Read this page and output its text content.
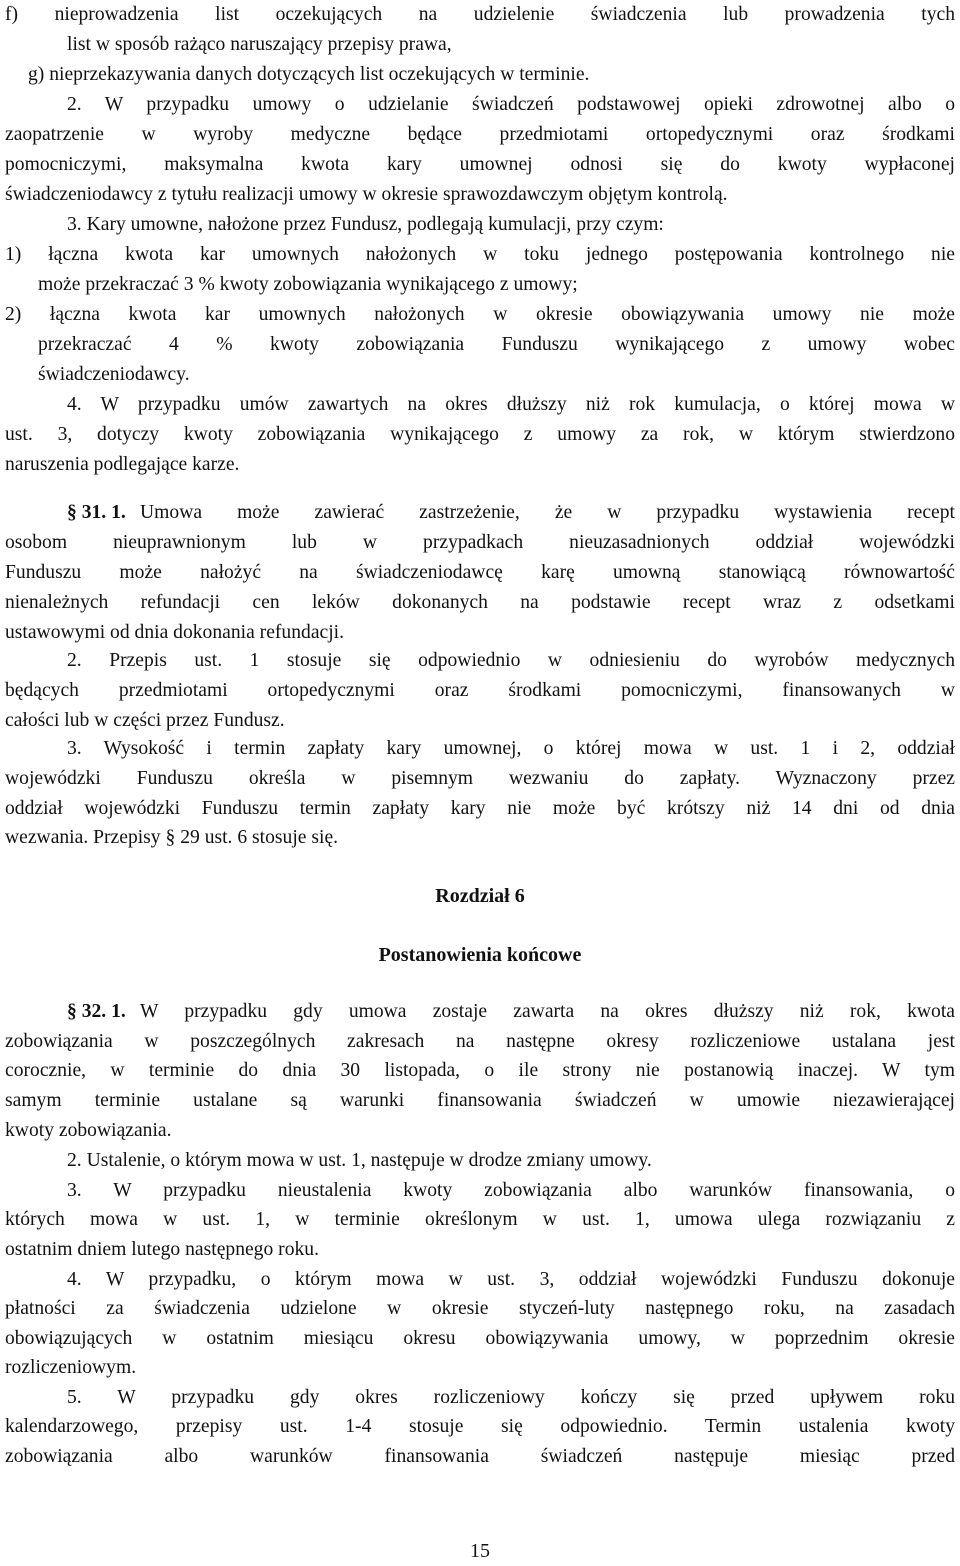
f) nieprowadzenia list oczekujących na udzielenie świadczenia lub prowadzenia tych
list w sposób rażąco naruszający przepisy prawa,
g) nieprzekazywania danych dotyczących list oczekujących w terminie.
2. W przypadku umowy o udzielanie świadczeń podstawowej opieki zdrowotnej albo o
zaopatrzenie w wyroby medyczne będące przedmiotami ortopedycznymi oraz środkami
pomocniczymi, maksymalna kwota kary umownej odnosi się do kwoty wypłaconej
świadczeniodawcy z tytułu realizacji umowy w okresie sprawozdawczym objętym kontrolą.
3. Kary umowne, nałożone przez Fundusz, podlegają kumulacji, przy czym:
1) łączna kwota kar umownych nałożonych w toku jednego postępowania kontrolnego nie
może przekraczać 3 % kwoty zobowiązania wynikającego z umowy;
2) łączna kwota kar umownych nałożonych w okresie obowiązywania umowy nie może
przekraczać 4 % kwoty zobowiązania Funduszu wynikającego z umowy wobec
świadczeniodawcy.
4. W przypadku umów zawartych na okres dłuższy niż rok kumulacja, o której mowa w
ust. 3, dotyczy kwoty zobowiązania wynikającego z umowy za rok, w którym stwierdzono
naruszenia podlegające karze.
§ 31. 1. Umowa może zawierać zastrzeżenie, że w przypadku wystawienia recept
osobom nieuprawnionym lub w przypadkach nieuzasadnionych oddział wojewódzki
Funduszu może nałożyć na świadczeniodawcę karę umowną stanowiącą równowartość
nienależnych refundacji cen leków dokonanych na podstawie recept wraz z odsetkami
ustawowymi od dnia dokonania refundacji.
2. Przepis ust. 1 stosuje się odpowiednio w odniesieniu do wyrobów medycznych
będących przedmiotami ortopedycznymi oraz środkami pomocniczymi, finansowanych w
całości lub w części przez Fundusz.
3. Wysokość i termin zapłaty kary umownej, o której mowa w ust. 1 i 2, oddział
wojewódzki Funduszu określa w pisemnym wezwaniu do zapłaty. Wyznaczony przez
oddział wojewódzki Funduszu termin zapłaty kary nie może być krótszy niż 14 dni od dnia
wezwania. Przepisy § 29 ust. 6 stosuje się.
Rozdział 6
Postanowienia końcowe
§ 32. 1. W przypadku gdy umowa zostaje zawarta na okres dłuższy niż rok, kwota
zobowiązania w poszczególnych zakresach na następne okresy rozliczeniowe ustalana jest
corocznie, w terminie do dnia 30 listopada, o ile strony nie postanowią inaczej. W tym
samym terminie ustalane są warunki finansowania świadczeń w umowie niezawierającej
kwoty zobowiązania.
2. Ustalenie, o którym mowa w ust. 1, następuje w drodze zmiany umowy.
3. W przypadku nieustalenia kwoty zobowiązania albo warunków finansowania, o
których mowa w ust. 1, w terminie określonym w ust. 1, umowa ulega rozwiązaniu z
ostatnim dniem lutego następnego roku.
4. W przypadku, o którym mowa w ust. 3, oddział wojewódzki Funduszu dokonuje
płatności za świadczenia udzielone w okresie styczeń-luty następnego roku, na zasadach
obowiązujących w ostatnim miesiącu okresu obowiązywania umowy, w poprzednim okresie
rozliczeniowym.
5. W przypadku gdy okres rozliczeniowy kończy się przed upływem roku
kalendarzowego, przepisy ust. 1-4 stosuje się odpowiednio. Termin ustalenia kwoty
zobowiązania albo warunków finansowania świadczeń następuje miesiąc przed
15
